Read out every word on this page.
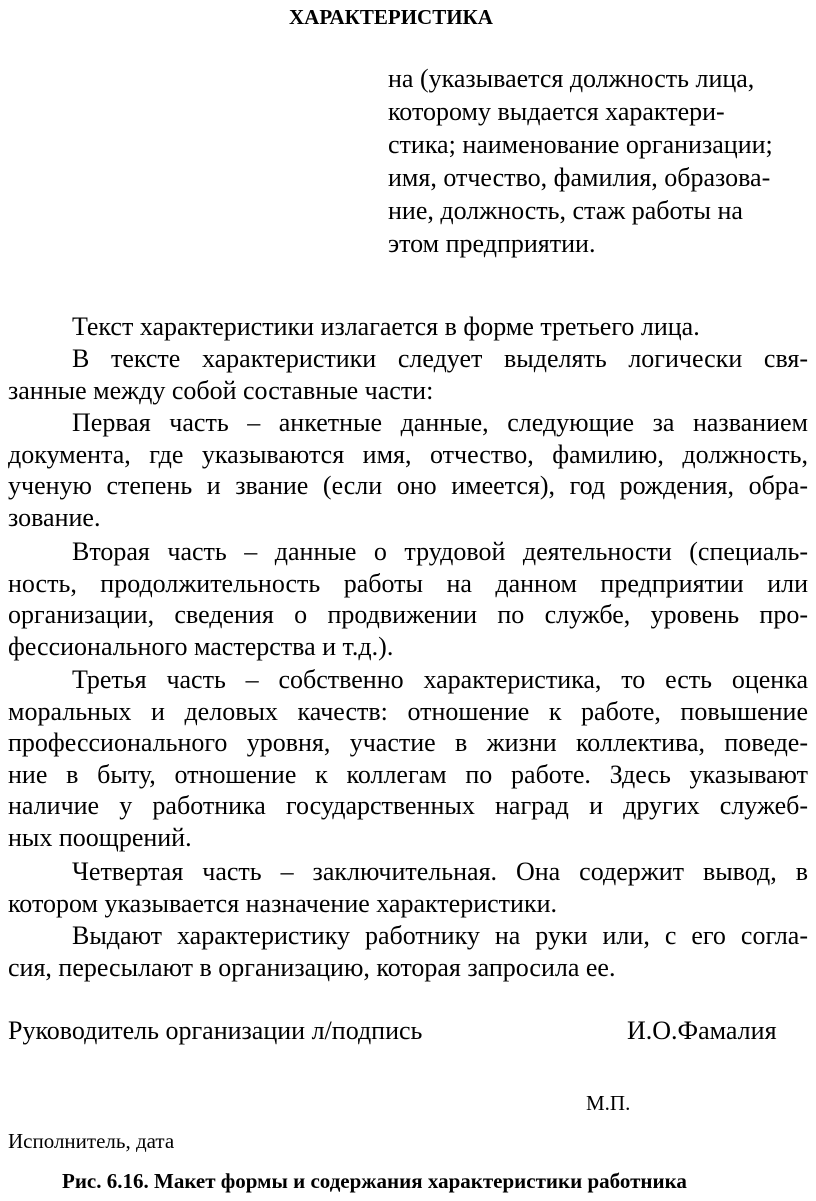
ХАРАКТЕРИСТИКА
на (указывается должность лица,
которому выдается характери-
стика; наименование организации;
имя, отчество, фамилия, образова-
ние, должность, стаж работы на
этом предприятии.
Текст характеристики излагается в форме третьего лица.
В тексте характеристики следует выделять логически свя-
занные между собой составные части:
Первая часть – анкетные данные, следующие за названием
документа, где указываются имя, отчество, фамилию, должность,
ученую степень и звание (если оно имеется), год рождения, обра-
зование.
Вторая часть – данные о трудовой деятельности (специаль-
ность, продолжительность работы на данном предприятии или
организации, сведения о продвижении по службе, уровень про-
фессионального мастерства и т.д.).
Третья часть – собственно характеристика, то есть оценка
моральных и деловых качеств: отношение к работе, повышение
профессионального уровня, участие в жизни коллектива, поведе-
ние в быту, отношение к коллегам по работе. Здесь указывают
наличие у работника государственных наград и других служеб-
ных поощрений.
Четвертая часть – заключительная. Она содержит вывод, в
котором указывается назначение характеристики.
Выдают характеристику работнику на руки или, с его согла-
сия, пересылают в организацию, которая запросила ее.
Руководитель организации л/подпись	И.О.Фамалия
М.П.
Исполнитель, дата
Рис. 6.16. Макет формы и содержания характеристики работника
